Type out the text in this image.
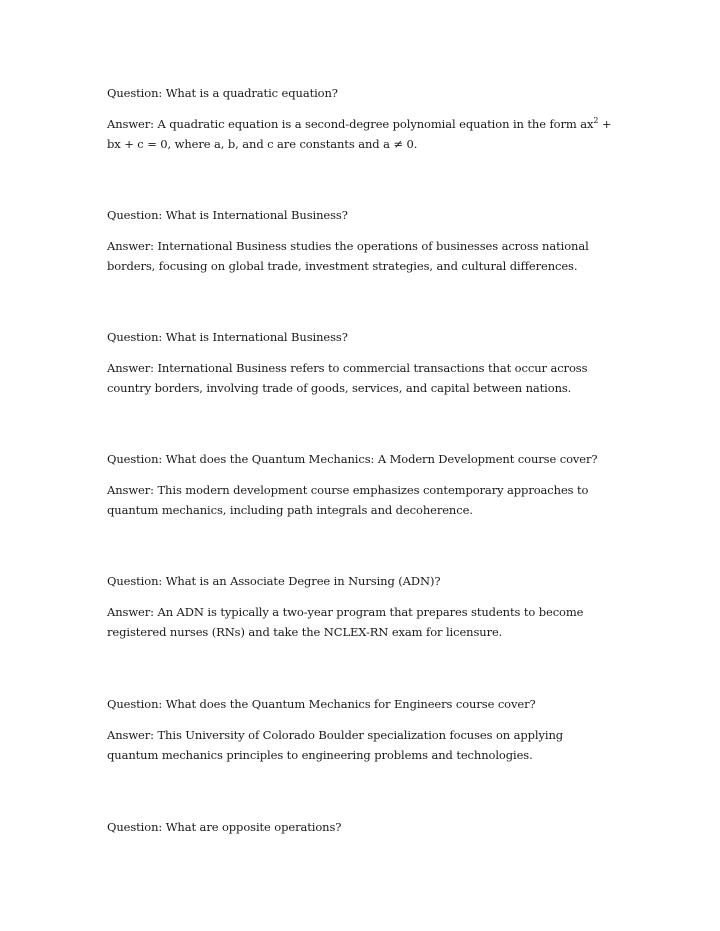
Question: What is a quadratic equation?

Answer: A quadratic equation is a second-degree polynomial equation in the form $ax^2$ + bx + c = 0, where a, b, and c are constants and a ≠ 0.

Question: What is International Business?

Answer: International Business studies the operations of businesses across national borders, focusing on global trade, investment strategies, and cultural differences.

Question: What is International Business?

Answer: International Business refers to commercial transactions that occur across country borders, involving trade of goods, services, and capital between nations.

Question: What does the Quantum Mechanics: A Modern Development course cover?

Answer: This modern development course emphasizes contemporary approaches to quantum mechanics, including path integrals and decoherence.

Question: What is an Associate Degree in Nursing (ADN)?

Answer: An ADN is typically a two-year program that prepares students to become registered nurses (RNs) and take the NCLEX-RN exam for licensure.

Question: What does the Quantum Mechanics for Engineers course cover?

Answer: This University of Colorado Boulder specialization focuses on applying quantum mechanics principles to engineering problems and technologies.

Question: What are opposite operations?
